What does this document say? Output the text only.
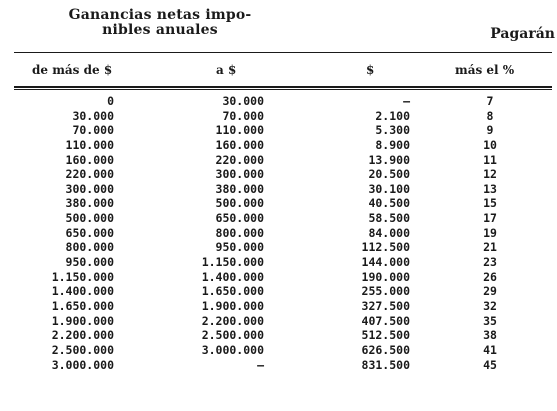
Ganancias netas impo-
nibles anuales	Pagarán
de más de $	a $	$	más el %
0	30.000	—	7
30.000	70.000	2.100	8
70.000	110.000	5.300	9
110.000	160.000	8.900	10
160.000	220.000	13.900	11
220.000	300.000	20.500	12
300.000	380.000	30.100	13
380.000	500.000	40.500	15
500.000	650.000	58.500	17
650.000	800.000	84.000	19
800.000	950.000	112.500	21
950.000	1.150.000	144.000	23
1.150.000	1.400.000	190.000	26
1.400.000	1.650.000	255.000	29
1.650.000	1.900.000	327.500	32
1.900.000	2.200.000	407.500	35
2.200.000	2.500.000	512.500	38
2.500.000	3.000.000	626.500	41
3.000.000	—	831.500	45
